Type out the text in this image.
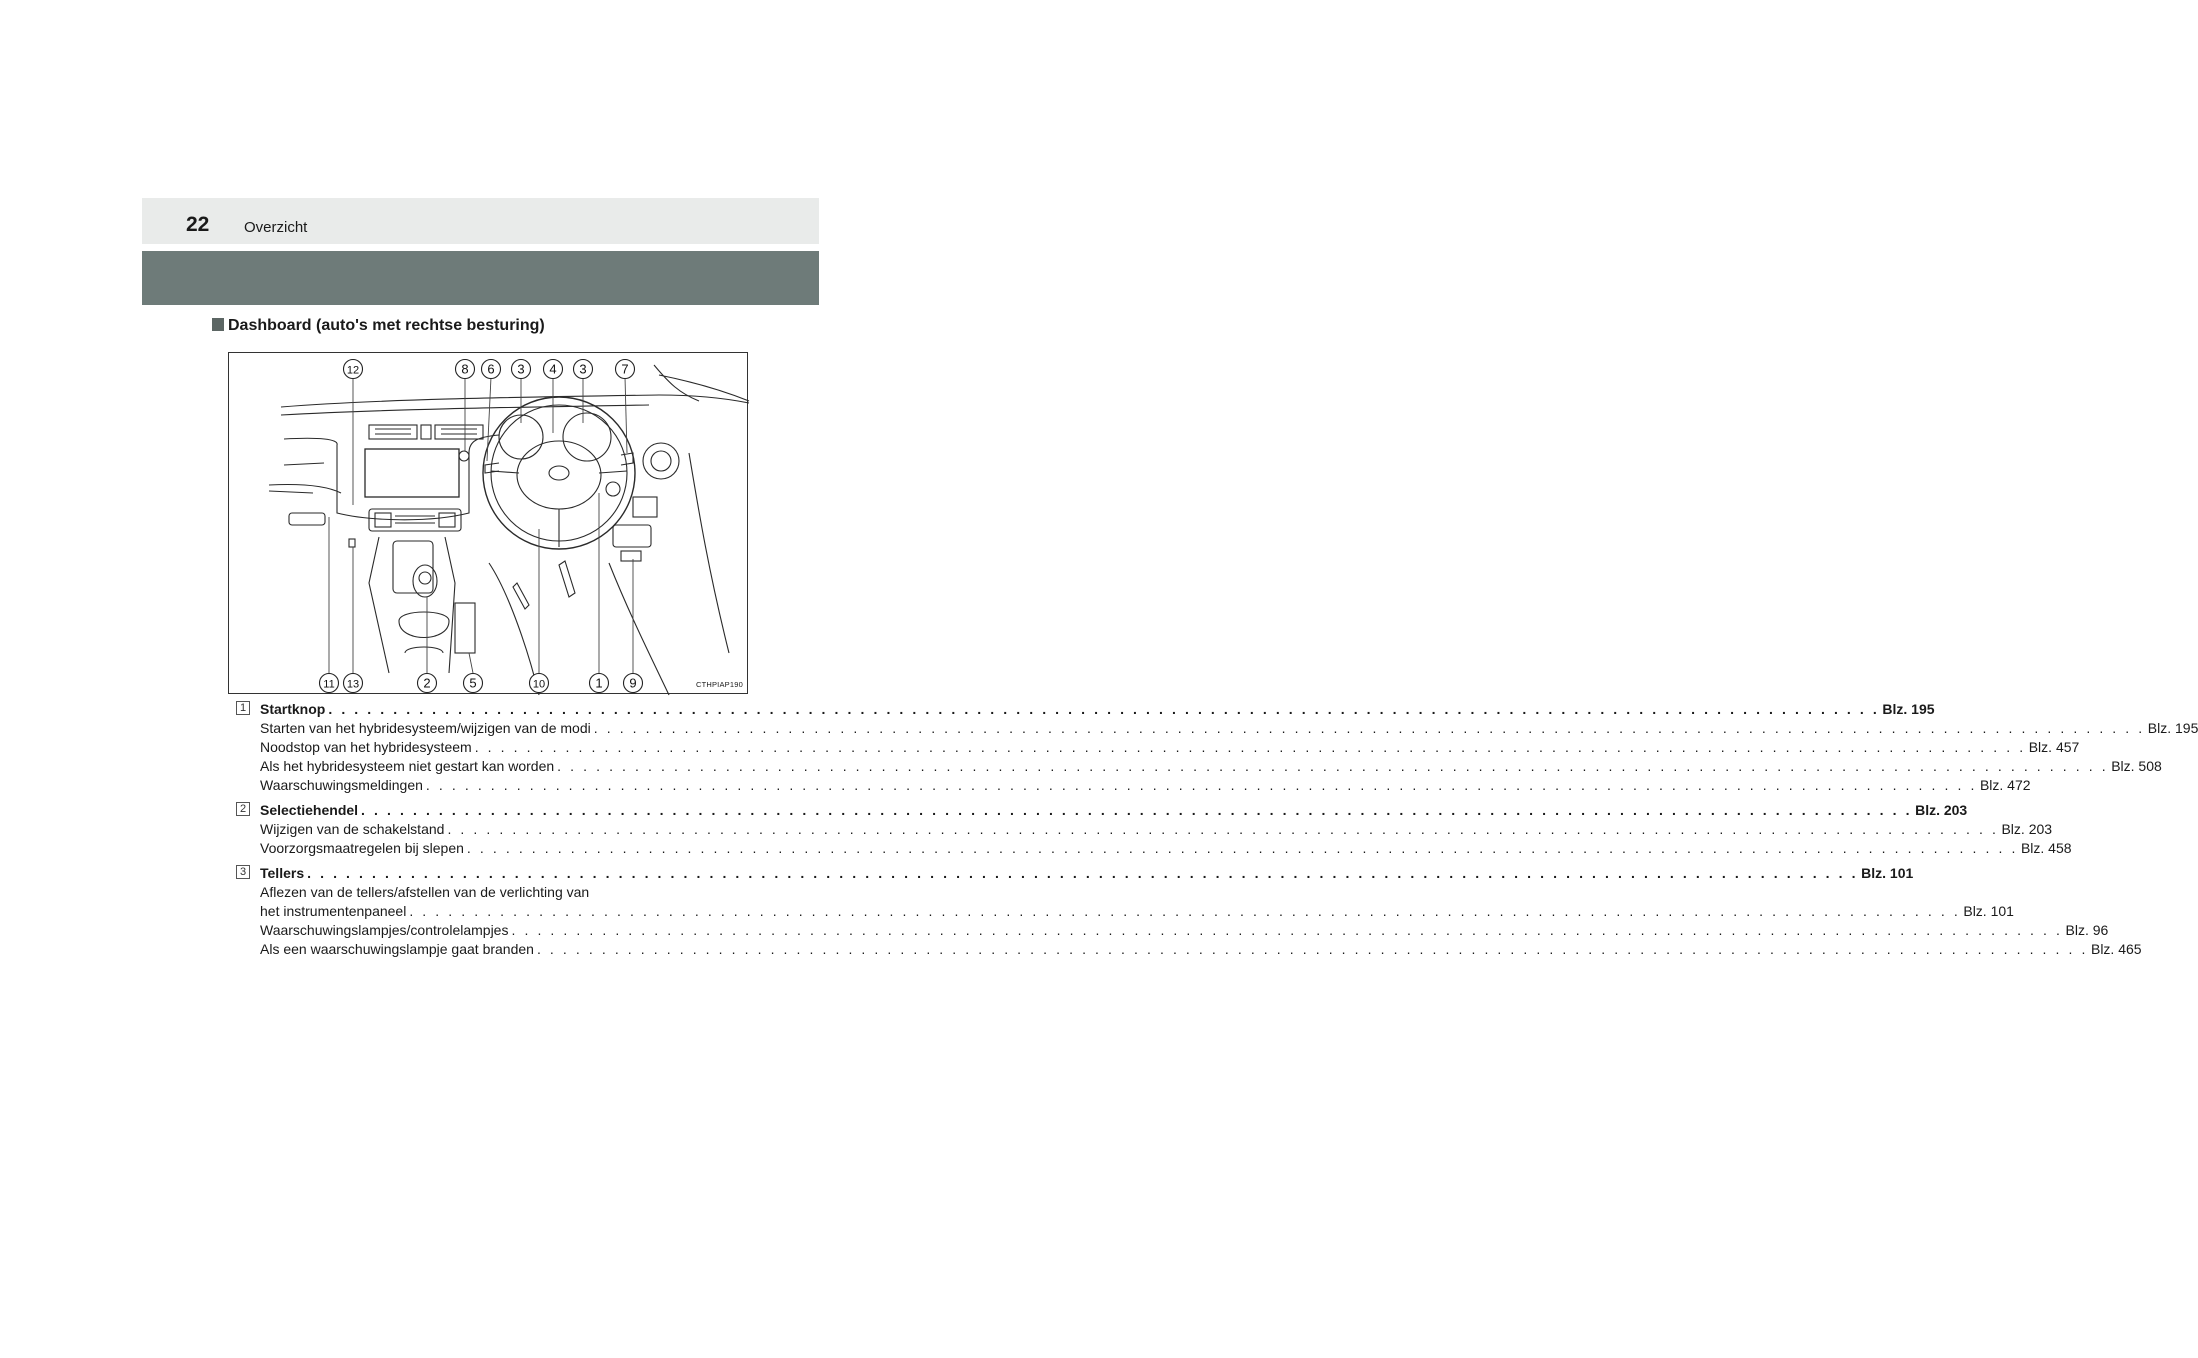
22 Overzicht
Dashboard (auto's met rechtse besturing)
12	8 6 3 4 3	7
11 13	2	5	10	1 9	CTHPIAP190
1 Startknop . . . . . . . . . . . . . . . . . . . . . . . . . . . . . . . . . . . . . . . . . . . . . . . . . . . . . . . . . . . . . . . . . . . . . . . . . . . . . . . . . . . . . . . . . . . . . . . . . . . . . . . . . . . . . . . . . . . . . . . . Blz. 195
Starten van het hybridesysteem/wijzigen van de modi . . . . . . . . . . . . . . . . . . . . . . . . . . . . . . . . . . . . . . . . . . . . . . . . . . . . . . . . . . . . . . . . . . . . . . . . . . . . . . . . . . . . . . . . . . . . . . . . . . . . . . . . . . . . . . . . . . . . . . . . Blz. 195
Noodstop van het hybridesysteem . . . . . . . . . . . . . . . . . . . . . . . . . . . . . . . . . . . . . . . . . . . . . . . . . . . . . . . . . . . . . . . . . . . . . . . . . . . . . . . . . . . . . . . . . . . . . . . . . . . . . . . . . . . . . . . . . . . . . . . . Blz. 457
Als het hybridesysteem niet gestart kan worden . . . . . . . . . . . . . . . . . . . . . . . . . . . . . . . . . . . . . . . . . . . . . . . . . . . . . . . . . . . . . . . . . . . . . . . . . . . . . . . . . . . . . . . . . . . . . . . . . . . . . . . . . . . . . . . . . . . . . . . . Blz. 508
Waarschuwingsmeldingen . . . . . . . . . . . . . . . . . . . . . . . . . . . . . . . . . . . . . . . . . . . . . . . . . . . . . . . . . . . . . . . . . . . . . . . . . . . . . . . . . . . . . . . . . . . . . . . . . . . . . . . . . . . . . . . . . . . . . . . . Blz. 472
2 Selectiehendel . . . . . . . . . . . . . . . . . . . . . . . . . . . . . . . . . . . . . . . . . . . . . . . . . . . . . . . . . . . . . . . . . . . . . . . . . . . . . . . . . . . . . . . . . . . . . . . . . . . . . . . . . . . . . . . . . . . . . . . . Blz. 203
Wijzigen van de schakelstand . . . . . . . . . . . . . . . . . . . . . . . . . . . . . . . . . . . . . . . . . . . . . . . . . . . . . . . . . . . . . . . . . . . . . . . . . . . . . . . . . . . . . . . . . . . . . . . . . . . . . . . . . . . . . . . . . . . . . . . . Blz. 203
Voorzorgsmaatregelen bij slepen . . . . . . . . . . . . . . . . . . . . . . . . . . . . . . . . . . . . . . . . . . . . . . . . . . . . . . . . . . . . . . . . . . . . . . . . . . . . . . . . . . . . . . . . . . . . . . . . . . . . . . . . . . . . . . . . . . . . . . . . Blz. 458
3 Tellers . . . . . . . . . . . . . . . . . . . . . . . . . . . . . . . . . . . . . . . . . . . . . . . . . . . . . . . . . . . . . . . . . . . . . . . . . . . . . . . . . . . . . . . . . . . . . . . . . . . . . . . . . . . . . . . . . . . . . . . . Blz. 101
Aflezen van de tellers/afstellen van de verlichting van
het instrumentenpaneel . . . . . . . . . . . . . . . . . . . . . . . . . . . . . . . . . . . . . . . . . . . . . . . . . . . . . . . . . . . . . . . . . . . . . . . . . . . . . . . . . . . . . . . . . . . . . . . . . . . . . . . . . . . . . . . . . . . . . . . . Blz. 101
Waarschuwingslampjes/controlelampjes . . . . . . . . . . . . . . . . . . . . . . . . . . . . . . . . . . . . . . . . . . . . . . . . . . . . . . . . . . . . . . . . . . . . . . . . . . . . . . . . . . . . . . . . . . . . . . . . . . . . . . . . . . . . . . . . . . . . . . . . Blz. 96
Als een waarschuwingslampje gaat branden . . . . . . . . . . . . . . . . . . . . . . . . . . . . . . . . . . . . . . . . . . . . . . . . . . . . . . . . . . . . . . . . . . . . . . . . . . . . . . . . . . . . . . . . . . . . . . . . . . . . . . . . . . . . . . . . . . . . . . . . Blz. 465
